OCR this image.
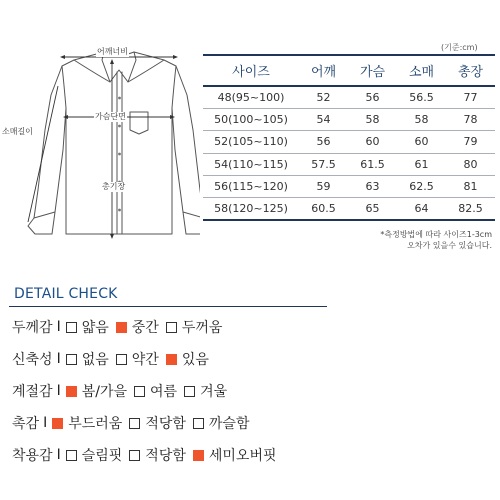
어깨너비
가슴단면
소매길이
총기장
(기준:cm)
사이즈	어깨	가슴	소매	총장
48(95~100)	52	56	56.5	77
50(100~105)	54	58	58	78
52(105~110)	56	60	60	79
54(110~115)	57.5	61.5	61	80
56(115~120)	59	63	62.5	81
58(120~125)	60.5	65	64	82.5
*측정방법에 따라 사이즈1-3cm
오차가 있을수 있습니다.
DETAIL CHECK
두께감 I 얇음 중간 두꺼움
신축성 I 없음 약간 있음
계절감 I 봄/가을 여름 겨울
촉감 I 부드러움 적당함 까슬함
착용감 I 슬림핏 적당함 세미오버핏
